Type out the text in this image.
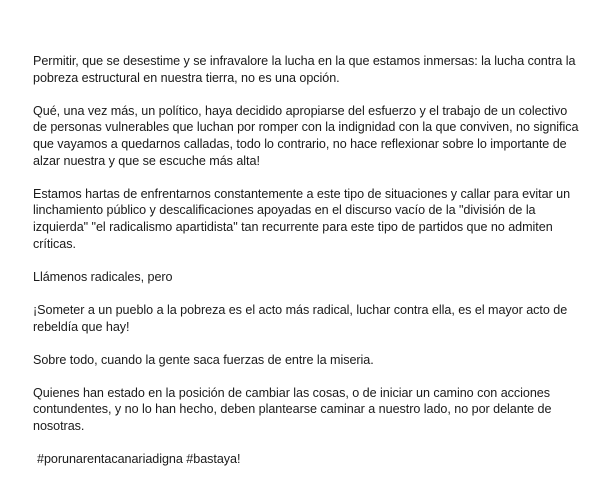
Permitir, que se desestime y se infravalore la lucha en la que estamos inmersas: la lucha contra la pobreza estructural en nuestra tierra, no es una opción.

Qué, una vez más, un político, haya decidido apropiarse del esfuerzo y el trabajo de un colectivo de personas vulnerables que luchan por romper con la indignidad con la que conviven, no significa que vayamos a quedarnos calladas, todo lo contrario, no hace reflexionar sobre lo importante de alzar nuestra y que se escuche más alta!

Estamos hartas de enfrentarnos constantemente a este tipo de situaciones y callar para evitar un linchamiento público y descalificaciones apoyadas en el discurso vacío de la "división de la izquierda" "el radicalismo apartidista" tan recurrente para este tipo de partidos que no admiten críticas.

Llámenos radicales, pero

¡Someter a un pueblo a la pobreza es el acto más radical, luchar contra ella, es el mayor acto de rebeldía que hay!

Sobre todo, cuando la gente saca fuerzas de entre la miseria.

Quienes han estado en la posición de cambiar las cosas, o de iniciar un camino con acciones contundentes, y no lo han hecho, deben plantearse caminar a nuestro lado, no por delante de nosotras.

#porunarentacanariadigna #bastaya!
